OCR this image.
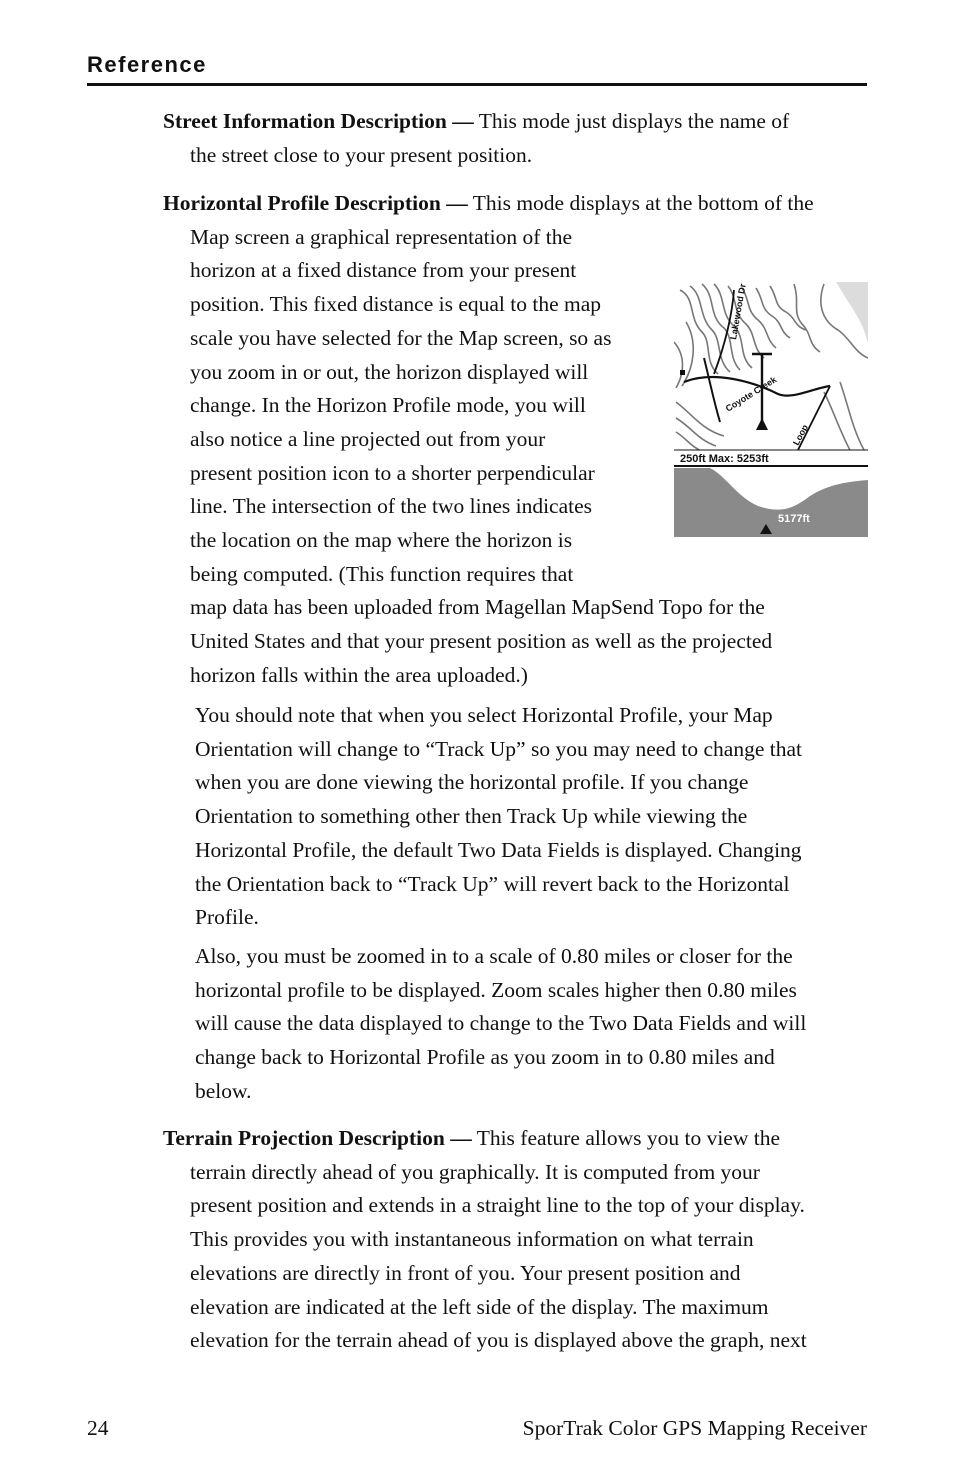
Reference
Street Information Description — This mode just displays the name of
the street close to your present position.
Horizontal Profile Description — This mode displays at the bottom of the
Map screen a graphical representation of the
horizon at a fixed distance from your present
position. This fixed distance is equal to the map
scale you have selected for the Map screen, so as
you zoom in or out, the horizon displayed will
change. In the Horizon Profile mode, you will
also notice a line projected out from your
present position icon to a shorter perpendicular
line. The intersection of the two lines indicates
the location on the map where the horizon is
being computed. (This function requires that
map data has been uploaded from Magellan MapSend Topo for the
United States and that your present position as well as the projected
horizon falls within the area uploaded.)
250ft Max: 5253ft
5177ft
Lakewood Dr
Coyote Creek
Loop
You should note that when you select Horizontal Profile, your Map
Orientation will change to “Track Up” so you may need to change that
when you are done viewing the horizontal profile. If you change
Orientation to something other then Track Up while viewing the
Horizontal Profile, the default Two Data Fields is displayed. Changing
the Orientation back to “Track Up” will revert back to the Horizontal
Profile.
Also, you must be zoomed in to a scale of 0.80 miles or closer for the
horizontal profile to be displayed. Zoom scales higher then 0.80 miles
will cause the data displayed to change to the Two Data Fields and will
change back to Horizontal Profile as you zoom in to 0.80 miles and
below.
Terrain Projection Description — This feature allows you to view the
terrain directly ahead of you graphically. It is computed from your
present position and extends in a straight line to the top of your display.
This provides you with instantaneous information on what terrain
elevations are directly in front of you. Your present position and
elevation are indicated at the left side of the display. The maximum
elevation for the terrain ahead of you is displayed above the graph, next
24	SporTrak Color GPS Mapping Receiver
